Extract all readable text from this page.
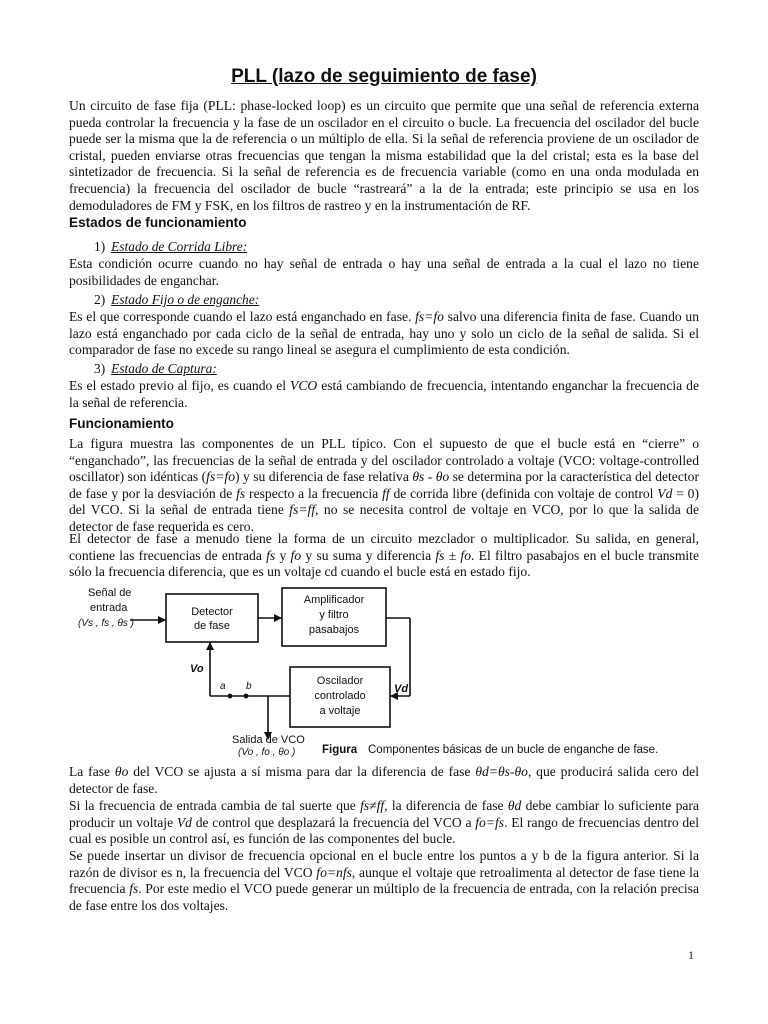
PLL (lazo de seguimiento de fase)

Un circuito de fase fija (PLL: phase-locked loop) es un circuito que permite que una señal de referencia externa pueda controlar la frecuencia y la fase de un oscilador en el circuito o bucle. La frecuencia del oscilador del bucle puede ser la misma que la de referencia o un múltiplo de ella. Si la señal de referencia proviene de un oscilador de cristal, pueden enviarse otras frecuencias que tengan la misma estabilidad que la del cristal; esta es la base del sintetizador de frecuencia. Si la señal de referencia es de frecuencia variable (como en una onda modulada en frecuencia) la frecuencia del oscilador de bucle “rastreará” a la de la entrada; este principio se usa en los demoduladores de FM y FSK, en los filtros de rastreo y en la instrumentación de RF.

Estados de funcionamiento
1) Estado de Corrida Libre:

Esta condición ocurre cuando no hay señal de entrada o hay una señal de entrada a la cual el lazo no tiene posibilidades de enganchar.

2) Estado Fijo o de enganche:

Es el que corresponde cuando el lazo está enganchado en fase. fs=fo salvo una diferencia finita de fase. Cuando un lazo está enganchado por cada ciclo de la señal de entrada, hay uno y solo un ciclo de la señal de salida. Si el comparador de fase no excede su rango lineal se asegura el cumplimiento de esta condición.

3) Estado de Captura:

Es el estado previo al fijo, es cuando el VCO está cambiando de frecuencia, intentando enganchar la frecuencia de la señal de referencia.

Funcionamiento

La figura muestra las componentes de un PLL típico. Con el supuesto de que el bucle está en “cierre” o “enganchado”, las frecuencias de la señal de entrada y del oscilador controlado a voltaje (VCO: voltage-controlled oscillator) son idénticas (fs=fo) y su diferencia de fase relativa θs - θo se determina por la característica del detector de fase y por la desviación de fs respecto a la frecuencia ff de corrida libre (definida con voltaje de control Vd = 0) del VCO. Si la señal de entrada tiene fs=ff, no se necesita control de voltaje en VCO, por lo que la salida de detector de fase requerida es cero.

El detector de fase a menudo tiene la forma de un circuito mezclador o multiplicador. Su salida, en general, contiene las frecuencias de entrada fs y fo y su suma y diferencia fs ± fo. El filtro pasabajos en el bucle transmite sólo la frecuencia diferencia, que es un voltaje cd cuando el bucle está en estado fijo.

Señal de
entrada
(Vs , fs , θs )
Detector
de fase
Amplificador
y filtro
pasabajos
Oscilador
controlado
a voltaje
Vo
Vd
a b
Salida de VCO
(Vo , fo , θo ) Figura Componentes básicas de un bucle de enganche de fase.

La fase θo del VCO se ajusta a sí misma para dar la diferencia de fase θd=θs-θo, que producirá salida cero del detector de fase.

Si la frecuencia de entrada cambia de tal suerte que fs≠ff, la diferencia de fase θd debe cambiar lo suficiente para producir un voltaje Vd de control que desplazará la frecuencia del VCO a fo=fs. El rango de frecuencias dentro del cual es posible un control así, es función de las componentes del bucle.

Se puede insertar un divisor de frecuencia opcional en el bucle entre los puntos a y b de la figura anterior. Si la razón de divisor es n, la frecuencia del VCO fo=nfs, aunque el voltaje que retroalimenta al detector de fase tiene la frecuencia fs. Por este medio el VCO puede generar un múltiplo de la frecuencia de entrada, con la relación precisa de fase entre los dos voltajes.

1
